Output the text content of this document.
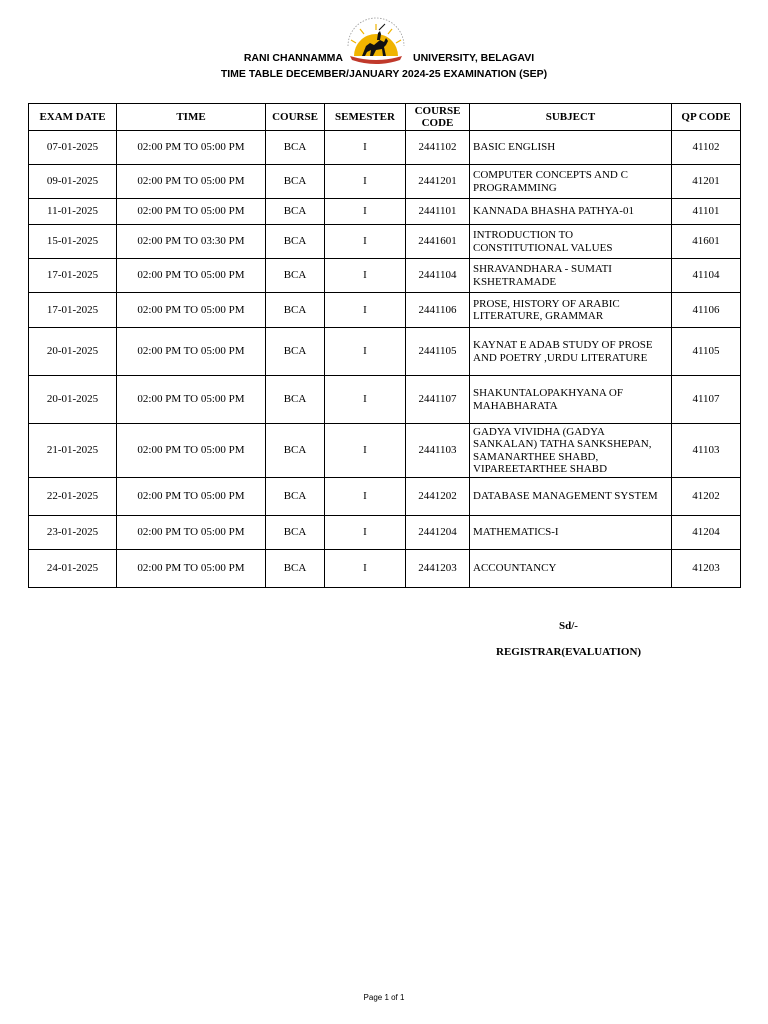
RANI CHANNAMMA	UNIVERSITY, BELAGAVI
TIME TABLE DECEMBER/JANUARY 2024-25 EXAMINATION (SEP)
EXAM DATE	TIME	COURSE	SEMESTER	COURSE CODE	SUBJECT	QP CODE
07-01-2025	02:00 PM TO 05:00 PM	BCA	I	2441102	BASIC ENGLISH	41102
09-01-2025	02:00 PM TO 05:00 PM	BCA	I	2441201	COMPUTER CONCEPTS AND C PROGRAMMING	41201
11-01-2025	02:00 PM TO 05:00 PM	BCA	I	2441101	KANNADA BHASHA PATHYA-01	41101
15-01-2025	02:00 PM TO 03:30 PM	BCA	I	2441601	INTRODUCTION TO CONSTITUTIONAL VALUES	41601
17-01-2025	02:00 PM TO 05:00 PM	BCA	I	2441104	SHRAVANDHARA - SUMATI KSHETRAMADE	41104
17-01-2025	02:00 PM TO 05:00 PM	BCA	I	2441106	PROSE, HISTORY OF ARABIC LITERATURE, GRAMMAR	41106
20-01-2025	02:00 PM TO 05:00 PM	BCA	I	2441105	KAYNAT E ADAB STUDY OF PROSE AND POETRY ,URDU LITERATURE	41105
20-01-2025	02:00 PM TO 05:00 PM	BCA	I	2441107	SHAKUNTALOPAKHYANA OF MAHABHARATA	41107
21-01-2025	02:00 PM TO 05:00 PM	BCA	I	2441103	GADYA VIVIDHA (GADYA SANKALAN) TATHA SANKSHEPAN, SAMANARTHEE SHABD, VIPAREETARTHEE SHABD	41103
22-01-2025	02:00 PM TO 05:00 PM	BCA	I	2441202	DATABASE MANAGEMENT SYSTEM	41202
23-01-2025	02:00 PM TO 05:00 PM	BCA	I	2441204	MATHEMATICS-I	41204
24-01-2025	02:00 PM TO 05:00 PM	BCA	I	2441203	ACCOUNTANCY	41203
Sd/-
REGISTRAR(EVALUATION)
Page 1 of 1
